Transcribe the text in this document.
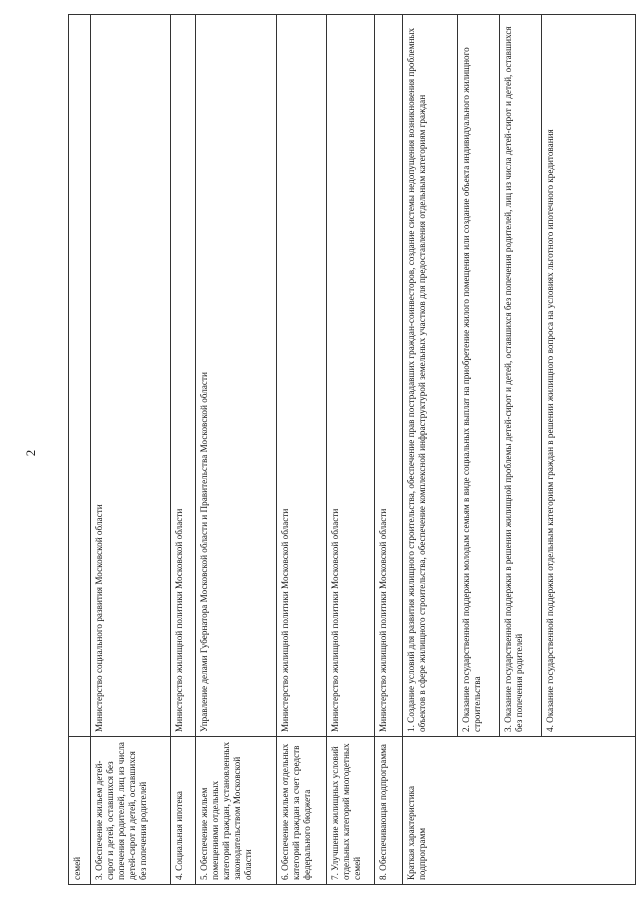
2
семей	
3. Обеспечение жильем детей-сирот и детей, оставшихся без попечения родителей, лиц из числа детей-сирот и детей, оставшихся без попечения родителей	Министерство социального развития Московской области
4. Социальная ипотека	Министерство жилищной политики Московской области
5. Обеспечение жильем помещениями отдельных категорий граждан, установленных законодательством Московской области	Управление делами Губернатора Московской области и Правительства Московской области
6. Обеспечение жильем отдельных категорий граждан за счет средств федерального бюджета	Министерство жилищной политики Московской области
7. Улучшение жилищных условий отдельных категорий многодетных семей	Министерство жилищной политики Московской области
8. Обеспечивающая подпрограмма	Министерство жилищной политики Московской области
Краткая характеристика подпрограмм	1. Создание условий для развития жилищного строительства, обеспечение прав пострадавших граждан-соинвесторов, создание системы недопущения возникновения проблемных объектов в сфере жилищного строительства, обеспечение комплексной инфраструктурой земельных участков для предоставления отдельным категориям граждан
	2. Оказание государственной поддержки молодым семьям в виде социальных выплат на приобретение жилого помещения или создание объекта индивидуального жилищного строительства
	3. Оказание государственной поддержки в решении жилищной проблемы детей-сирот и детей, оставшихся без попечения родителей, лиц из числа детей-сирот и детей, оставшихся без попечения родителей
	4. Оказание государственной поддержки отдельным категориям граждан в решении жилищного вопроса на условиях льготного ипотечного кредитования
